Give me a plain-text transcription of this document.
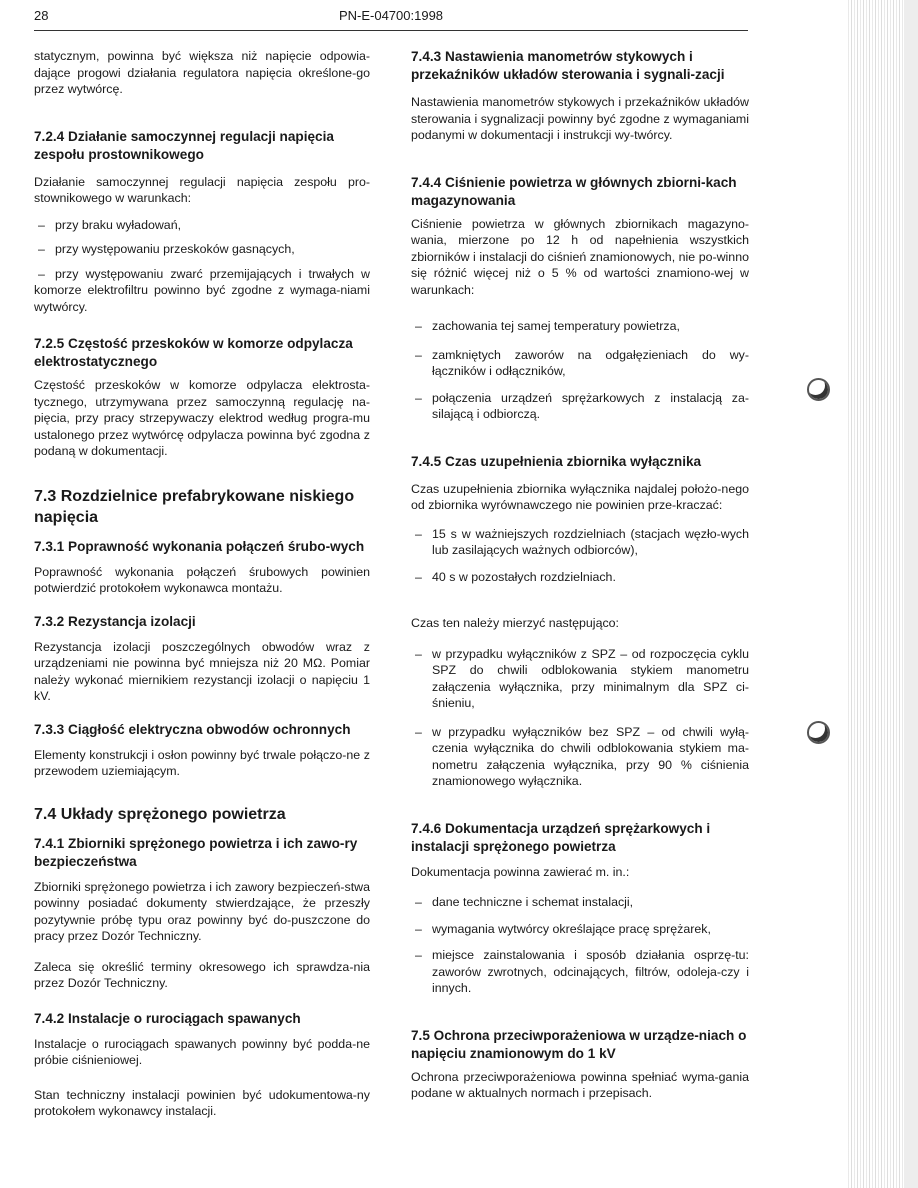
28	PN-E-04700:1998

statycznym, powinna być większa niż napięcie odpowia-dające progowi działania regulatora napięcia określone-go przez wytwórcę.

7.2.4 Działanie samoczynnej regulacji napięcia zespołu prostownikowego

Działanie samoczynnej regulacji napięcia zespołu pro-stownikowego w warunkach:

– przy braku wyładowań,
– przy występowaniu przeskoków gasnących,
– przy występowaniu zwarć przemijających i trwałych w komorze elektrofiltru powinno być zgodne z wymaga-niami wytwórcy.
7.2.5 Częstość przeskoków w komorze odpylacza elektrostatycznego

Częstość przeskoków w komorze odpylacza elektrosta-tycznego, utrzymywana przez samoczynną regulację na-pięcia, przy pracy strzepywaczy elektrod według progra-mu ustalonego przez wytwórcę odpylacza powinna być zgodna z podaną w dokumentacji.

7.3 Rozdzielnice prefabrykowane niskiego napięcia
7.3.1 Poprawność wykonania połączeń śrubo-wych

Poprawność wykonania połączeń śrubowych powinien potwierdzić protokołem wykonawca montażu.

7.3.2 Rezystancja izolacji

Rezystancja izolacji poszczególnych obwodów wraz z urządzeniami nie powinna być mniejsza niż 20 MΩ. Pomiar należy wykonać miernikiem rezystancji izolacji o napięciu 1 kV.

7.3.3 Ciągłość elektryczna obwodów ochronnych

Elementy konstrukcji i osłon powinny być trwale połączo-ne z przewodem uziemiającym.

7.4 Układy sprężonego powietrza
7.4.1 Zbiorniki sprężonego powietrza i ich zawo-ry bezpieczeństwa

Zbiorniki sprężonego powietrza i ich zawory bezpieczeń-stwa powinny posiadać dokumenty stwierdzające, że przeszły pozytywnie próbę typu oraz powinny być do-puszczone do pracy przez Dozór Techniczny.

Zaleca się określić terminy okresowego ich sprawdza-nia przez Dozór Techniczny.

7.4.2 Instalacje o rurociągach spawanych

Instalacje o rurociągach spawanych powinny być podda-ne próbie ciśnieniowej.

Stan techniczny instalacji powinien być udokumentowa-ny protokołem wykonawcy instalacji.

7.4.3 Nastawienia manometrów stykowych i przekaźników układów sterowania i sygnali-zacji

Nastawienia manometrów stykowych i przekaźników układów sterowania i sygnalizacji powinny być zgodne z wymaganiami podanymi w dokumentacji i instrukcji wy-twórcy.

7.4.4 Ciśnienie powietrza w głównych zbiorni-kach magazynowania

Ciśnienie powietrza w głównych zbiornikach magazyno-wania, mierzone po 12 h od napełnienia wszystkich zbiorników i instalacji do ciśnień znamionowych, nie po-winno się różnić więcej niż o 5 % od wartości znamiono-wej w warunkach:

– zachowania tej samej temperatury powietrza,
– zamkniętych zaworów na odgałęzieniach do wy-łączników i odłączników,
– połączenia urządzeń sprężarkowych z instalacją za-silającą i odbiorczą.
7.4.5 Czas uzupełnienia zbiornika wyłącznika

Czas uzupełnienia zbiornika wyłącznika najdalej położo-nego od zbiornika wyrównawczego nie powinien prze-kraczać:

– 15 s w ważniejszych rozdzielniach (stacjach węzło-wych lub zasilających ważnych odbiorców),
– 40 s w pozostałych rozdzielniach.

Czas ten należy mierzyć następująco:

– w przypadku wyłączników z SPZ – od rozpoczęcia cyklu SPZ do chwili odblokowania stykiem manometru załączenia wyłącznika, przy minimalnym dla SPZ ci-śnieniu,
– w przypadku wyłączników bez SPZ – od chwili wyłą-czenia wyłącznika do chwili odblokowania stykiem ma-nometru załączenia wyłącznika, przy 90 % ciśnienia znamionowego wyłącznika.
7.4.6 Dokumentacja urządzeń sprężarkowych i instalacji sprężonego powietrza

Dokumentacja powinna zawierać m. in.:

– dane techniczne i schemat instalacji,
– wymagania wytwórcy określające pracę sprężarek,
– miejsce zainstalowania i sposób działania osprzę-tu: zaworów zwrotnych, odcinających, filtrów, odoleja-czy i innych.
7.5 Ochrona przeciwporażeniowa w urządze-niach o napięciu znamionowym do 1 kV

Ochrona przeciwporażeniowa powinna spełniać wyma-gania podane w aktualnych normach i przepisach.
